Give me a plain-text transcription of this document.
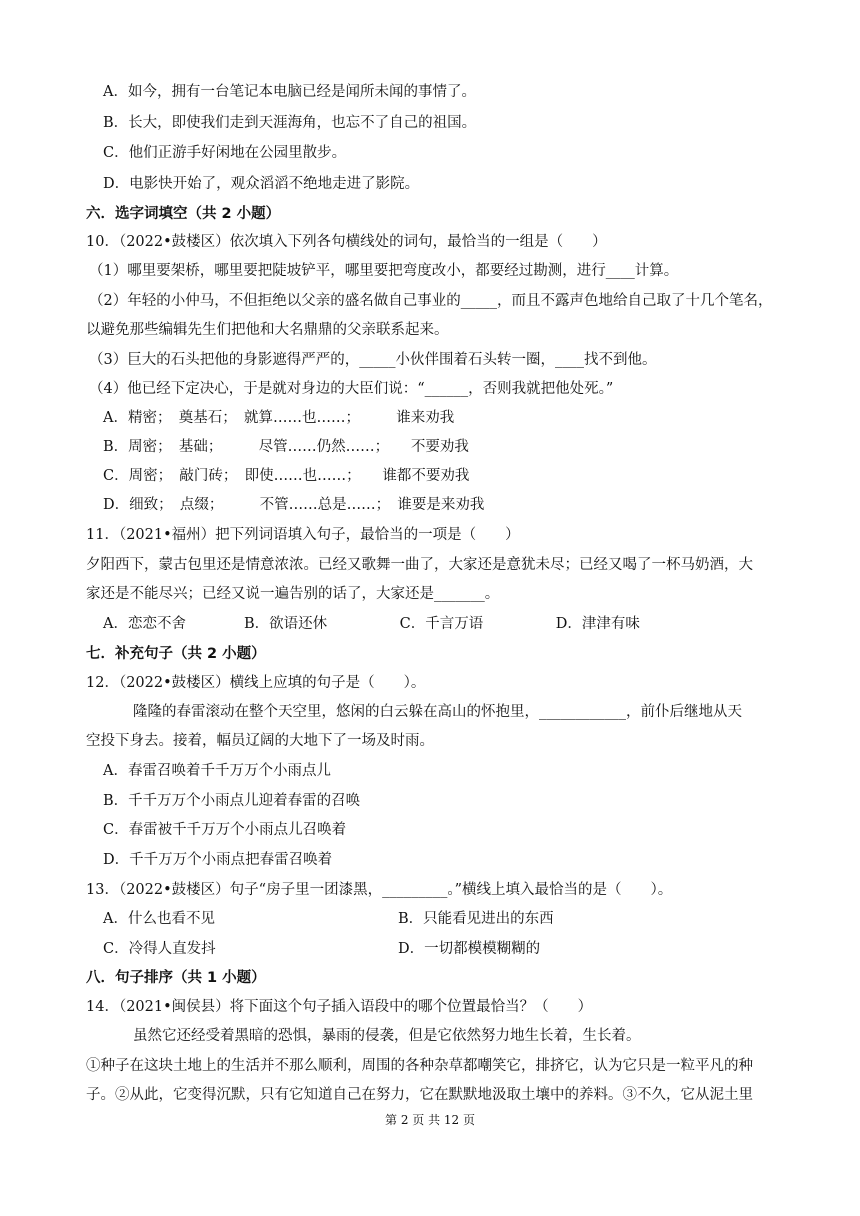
A．如今，拥有一台笔记本电脑已经是闻所未闻的事情了。
B．长大，即使我们走到天涯海角，也忘不了自己的祖国。
C．他们正游手好闲地在公园里散步。
D．电影快开始了，观众滔滔不绝地走进了影院。
六．选字词填空（共 2 小题）
10．（2022•鼓楼区）依次填入下列各句横线处的词句，最恰当的一组是（　　）
（1）哪里要架桥，哪里要把陡坡铲平，哪里要把弯度改小，都要经过勘测，进行____计算。
（2）年轻的小仲马，不但拒绝以父亲的盛名做自己事业的_____，而且不露声色地给自己取了十几个笔名，
以避免那些编辑先生们把他和大名鼎鼎的父亲联系起来。
（3）巨大的石头把他的身影遮得严严的，_____小伙伴围着石头转一圈，____找不到他。
（4）他已经下定决心，于是就对身边的大臣们说：“______，否则我就把他处死。”
A．精密；　奠基石；　就算……也……；　　　谁来劝我
B．周密；　基础；　　　尽管……仍然……；　　不要劝我
C．周密；　敲门砖；　即使……也……；　　谁都不要劝我
D．细致；　点缀；　　　不管……总是……；　谁要是来劝我
11．（2021•福州）把下列词语填入句子，最恰当的一项是（　　）
夕阳西下，蒙古包里还是情意浓浓。已经又歌舞一曲了，大家还是意犹未尽；已经又喝了一杯马奶酒，大
家还是不能尽兴；已经又说一遍告别的话了，大家还是_______。
A．恋恋不舍　　　　B．欲语还休　　　　　C．千言万语　　　　　D．津津有味
七．补充句子（共 2 小题）
12．（2022•鼓楼区）横线上应填的句子是（　　）。
隆隆的春雷滚动在整个天空里，悠闲的白云躲在高山的怀抱里，____________，前仆后继地从天
空投下身去。接着，幅员辽阔的大地下了一场及时雨。
A．春雷召唤着千千万万个小雨点儿
B．千千万万个小雨点儿迎着春雷的召唤
C．春雷被千千万万个小雨点儿召唤着
D．千千万万个小雨点把春雷召唤着
13．（2022•鼓楼区）句子“房子里一团漆黑，_________。”横线上填入最恰当的是（　　）。
A．什么也看不见	B．只能看见进出的东西
C．冷得人直发抖	D．一切都模模糊糊的
八．句子排序（共 1 小题）
14．（2021•闽侯县）将下面这个句子插入语段中的哪个位置最恰当？（　　）
虽然它还经受着黑暗的恐惧，暴雨的侵袭，但是它依然努力地生长着，生长着。
①种子在这块土地上的生活并不那么顺利，周围的各种杂草都嘲笑它，排挤它，认为它只是一粒平凡的种
子。②从此，它变得沉默，只有它知道自己在努力，它在默默地汲取土壤中的养料。③不久，它从泥土里
第 2 页 共 12 页
